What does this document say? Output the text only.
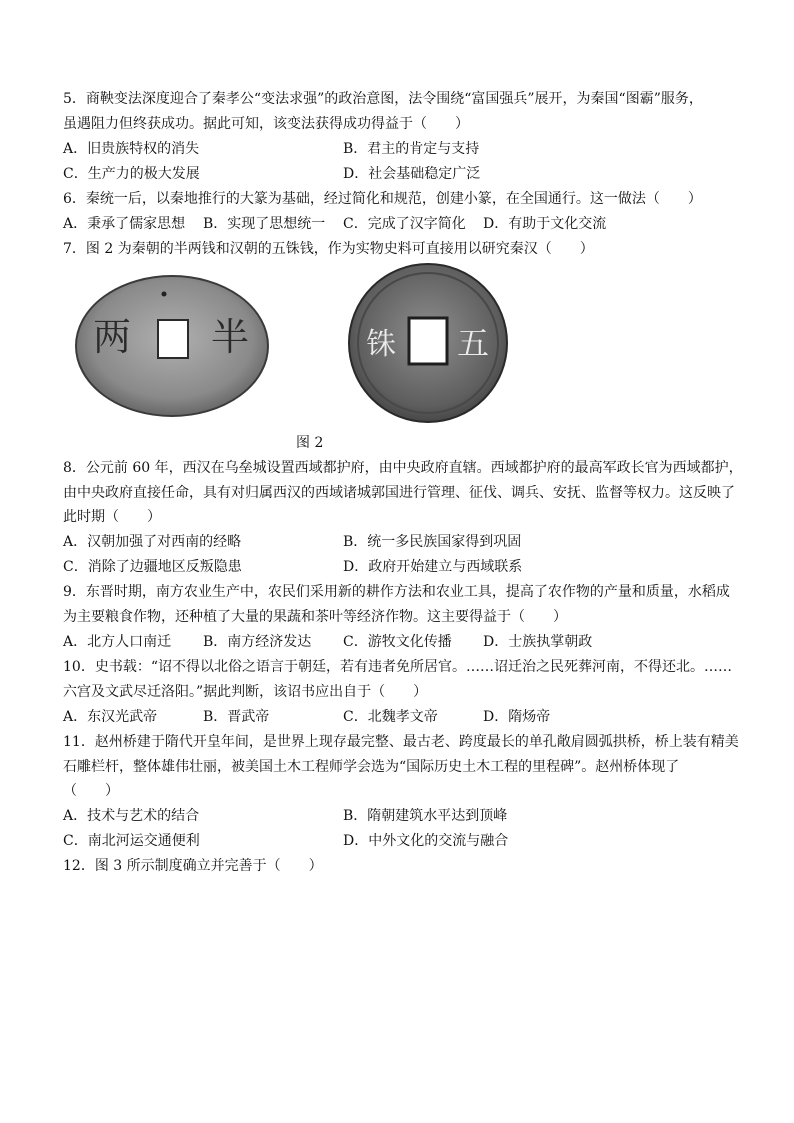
5．商鞅变法深度迎合了秦孝公“变法求强”的政治意图，法令围绕“富国强兵”展开，为秦国“图霸”服务，
虽遇阻力但终获成功。据此可知，该变法获得成功得益于（　　）
A．旧贵族特权的消失	B．君主的肯定与支持
C．生产力的极大发展	D．社会基础稳定广泛
6．秦统一后，以秦地推行的大篆为基础，经过简化和规范，创建小篆，在全国通行。这一做法（　　）
A．秉承了儒家思想 B．实现了思想统一 C．完成了汉字简化 D．有助于文化交流
7．图 2 为秦朝的半两钱和汉朝的五铢钱，作为实物史料可直接用以研究秦汉（　　）
两 半	铢 五
图 2
8．公元前 60 年，西汉在乌垒城设置西域都护府，由中央政府直辖。西域都护府的最高军政长官为西域都护，
由中央政府直接任命，具有对归属西汉的西域诸城郭国进行管理、征伐、调兵、安抚、监督等权力。这反映了
此时期（　　）
A．汉朝加强了对西南的经略	B．统一多民族国家得到巩固
C．消除了边疆地区反叛隐患	D．政府开始建立与西域联系
9．东晋时期，南方农业生产中，农民们采用新的耕作方法和农业工具，提高了农作物的产量和质量，水稻成
为主要粮食作物，还种植了大量的果蔬和茶叶等经济作物。这主要得益于（　　）
A．北方人口南迁 B．南方经济发达 C．游牧文化传播 D．士族执掌朝政
10．史书载：“诏不得以北俗之语言于朝廷，若有违者免所居官。……诏迁治之民死葬河南，不得还北。……
六宫及文武尽迁洛阳。”据此判断，该诏书应出自于（　　）
A．东汉光武帝	B．晋武帝	C．北魏孝文帝	D．隋炀帝
11．赵州桥建于隋代开皇年间，是世界上现存最完整、最古老、跨度最长的单孔敞肩圆弧拱桥，桥上装有精美
石雕栏杆，整体雄伟壮丽，被美国土木工程师学会选为“国际历史土木工程的里程碑”。赵州桥体现了
（　　）
A．技术与艺术的结合	B．隋朝建筑水平达到顶峰
C．南北河运交通便利	D．中外文化的交流与融合
12．图 3 所示制度确立并完善于（　　）
